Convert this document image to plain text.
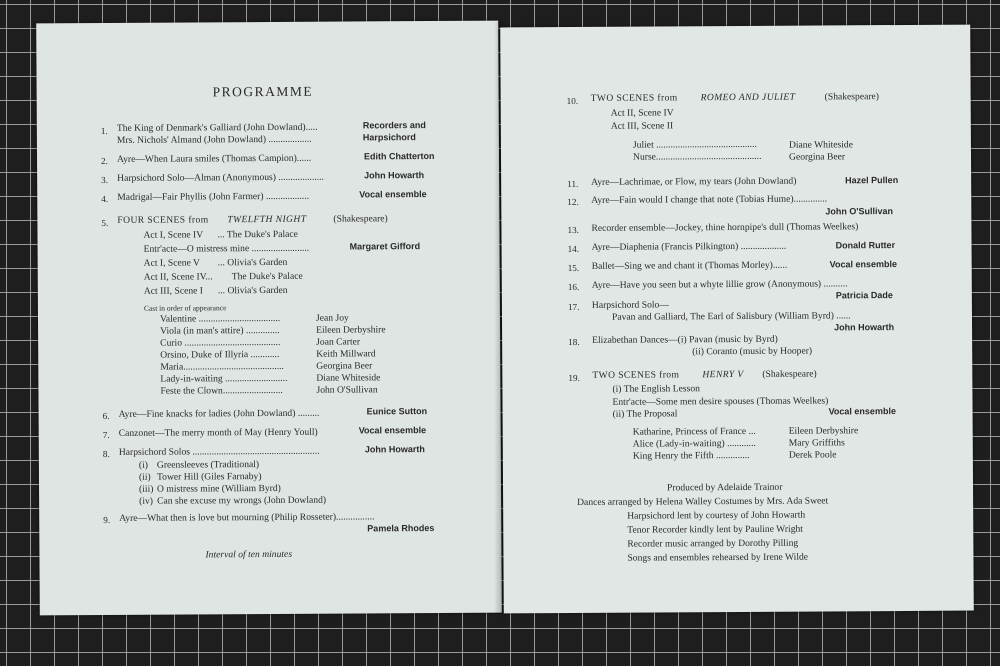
PROGRAMME
1. The King of Denmark's Galliard (John Dowland).....
Mrs. Nichols' Almand (John Dowland) ..................
Recorders and
Harpsichord
2. Ayre—When Laura smiles (Thomas Campion)......	Edith Chatterton
3. Harpsichord Solo—Alman (Anonymous) ...................	John Howarth
4. Madrigal—Fair Phyllis (John Farmer) ..................	Vocal ensemble
5. FOUR SCENES from TWELFTH NIGHT	(Shakespeare)
Act I, Scene IV ... The Duke's Palace
Entr'acte—O mistress mine ........................	Margaret Gifford
Act I, Scene V ... Olivia's Garden
Act II, Scene IV... The Duke's Palace
Act III, Scene I ... Olivia's Garden
Cast in order of appearance
Valentine ..................................	Jean Joy
Viola (in man's attire) ..............	Eileen Derbyshire
Curio ........................................	Joan Carter
Orsino, Duke of Illyria ............	Keith Millward
Maria..........................................	Georgina Beer
Lady-in-waiting ..........................	Diane Whiteside
Feste the Clown.........................	John O'Sullivan
6. Ayre—Fine knacks for ladies (John Dowland) .........	Eunice Sutton
7. Canzonet—The merry month of May (Henry Youll)	Vocal ensemble
8. Harpsichord Solos .....................................................	John Howarth
(i) Greensleeves (Traditional)
(ii) Tower Hill (Giles Farnaby)
(iii) O mistress mine (William Byrd)
(iv) Can she excuse my wrongs (John Dowland)
9. Ayre—What then is love but mourning (Philip Rosseter)................
Pamela Rhodes
Interval of ten minutes
10. TWO SCENES from ROMEO AND JULIET	(Shakespeare)
Act II, Scene IV
Act III, Scene II
Juliet ..........................................	Diane Whiteside
Nurse............................................	Georgina Beer
11. Ayre—Lachrimae, or Flow, my tears (John Dowland)	Hazel Pullen
12. Ayre—Fain would I change that note (Tobias Hume)..............
John O'Sullivan
13. Recorder ensemble—Jockey, thine hornpipe's dull (Thomas Weelkes)
14. Ayre—Diaphenia (Francis Pilkington) ...................	Donald Rutter
15. Ballet—Sing we and chant it (Thomas Morley)......	Vocal ensemble
16. Ayre—Have you seen but a whyte lillie grow (Anonymous) ..........
Patricia Dade
17. Harpsichord Solo—
Pavan and Galliard, The Earl of Salisbury (William Byrd) ......
John Howarth
18. Elizabethan Dances—(i) Pavan (music by Byrd)
(ii) Coranto (music by Hooper)
19. TWO SCENES from HENRY V (Shakespeare)
(i) The English Lesson
Entr'acte—Some men desire spouses (Thomas Weelkes)
(ii) The Proposal	Vocal ensemble
Katharine, Princess of France ...	Eileen Derbyshire
Alice (Lady-in-waiting) ............	Mary Griffiths
King Henry the Fifth ..............	Derek Poole
Produced by Adelaide Trainor
Dances arranged by Helena Walley Costumes by Mrs. Ada Sweet
Harpsichord lent by courtesy of John Howarth
Tenor Recorder kindly lent by Pauline Wright
Recorder music arranged by Dorothy Pilling
Songs and ensembles rehearsed by Irene Wilde
